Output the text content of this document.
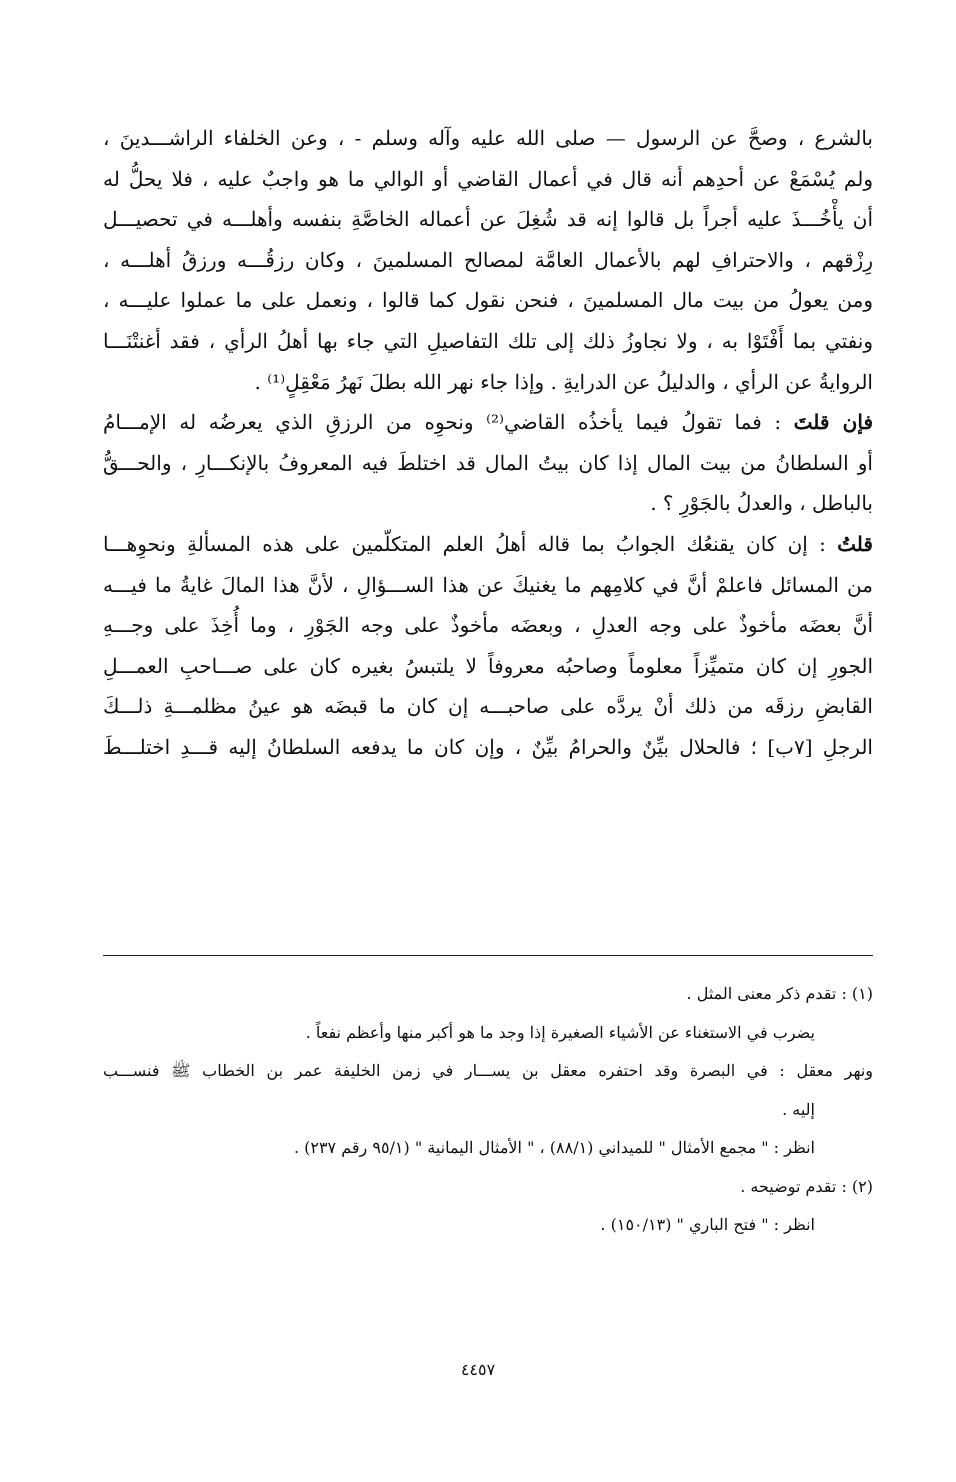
بالشرع ، وصحَّ عن الرسول — صلى الله عليه وآله وسلم - ، وعن الخلفاء الراشـــدينَ ،
ولم يُسْمَعْ عن أحدِهم أنه قال في أعمال القاضي أو الوالي ما هو واجبٌ عليه ، فلا يحلُّ له
أن يأْخُـــذَ عليه أجراً بل قالوا إنه قد شُغِلَ عن أعماله الخاصَّةِ بنفسه وأهلـــه في تحصيـــل
رِزْقهم ، والاحترافِ لهم بالأعمال العامَّة لمصالح المسلمينَ ، وكان رزقُـــه ورزقُ أهلـــه ،
ومن يعولُ من بيت مال المسلمينَ ، فنحن نقول كما قالوا ، ونعمل على ما عملوا عليـــه ،
ونفتي بما أَفْتَوْا به ، ولا نجاوزُ ذلك إلى تلك التفاصيلِ التي جاء بها أهلُ الرأي ، فقد أغنتْنَـــا
الروايةُ عن الرأي ، والدليلُ عن الدرايةِ . وإذا جاء نهر الله بطلَ نَهرُ مَعْقِلٍ⁽¹⁾ .
فإن قلتَ : فما تقولُ فيما يأخذُه القاضي⁽²⁾ ونحوِه من الرزقِ الذي يعرضُه له الإمـــامُ
أو السلطانُ من بيت المال إذا كان بيتُ المال قد اختلطَ فيه المعروفُ بالإنكـــارِ ، والحـــقُّ
بالباطل ، والعدلُ بالجَوْرِ ؟ .
قلتُ : إن كان يقنعُك الجوابُ بما قاله أهلُ العلم المتكلّمين على هذه المسألةِ ونحوِهـــا
من المسائل فاعلمْ أنَّ في كلامِهم ما يغنيكَ عن هذا الســـؤالِ ، لأنَّ هذا المالَ غايةُ ما فيـــه
أنَّ بعضَه مأخوذٌ على وجه العدلِ ، وبعضَه مأخوذٌ على وجه الجَوْرِ ، وما أُخِذَ على وجـــهِ
الجورِ إن كان متميِّزاً معلوماً وصاحبُه معروفاً لا يلتبسُ بغيره كان على صـــاحبِ العمـــلِ
القابضِ رزقَه من ذلك أنْ يردَّه على صاحبـــه إن كان ما قبضَه هو عينُ مظلمـــةِ ذلـــكَ
الرجلِ [٧ب] ؛ فالحلال بيِّنٌ والحرامُ بيِّنٌ ، وإن كان ما يدفعه السلطانُ إليه قـــدِ اختلـــطَ
(١) : تقدم ذكر معنى المثل .
يضرب في الاستغناء عن الأشياء الصغيرة إذا وجد ما هو أكبر منها وأعظم نفعاً .
ونهر معقل : في البصرة وقد احتفره معقل بن يســـار في زمن الخليفة عمر بن الخطاب ﷺ فنســـب
إليه .
انظر : " مجمع الأمثال " للميداني (٨٨/١) ، " الأمثال اليمانية " (٩٥/١ رقم ٢٣٧) .
(٢) : تقدم توضيحه .
انظر : " فتح الباري " (١٥٠/١٣) .
٤٤٥٧
